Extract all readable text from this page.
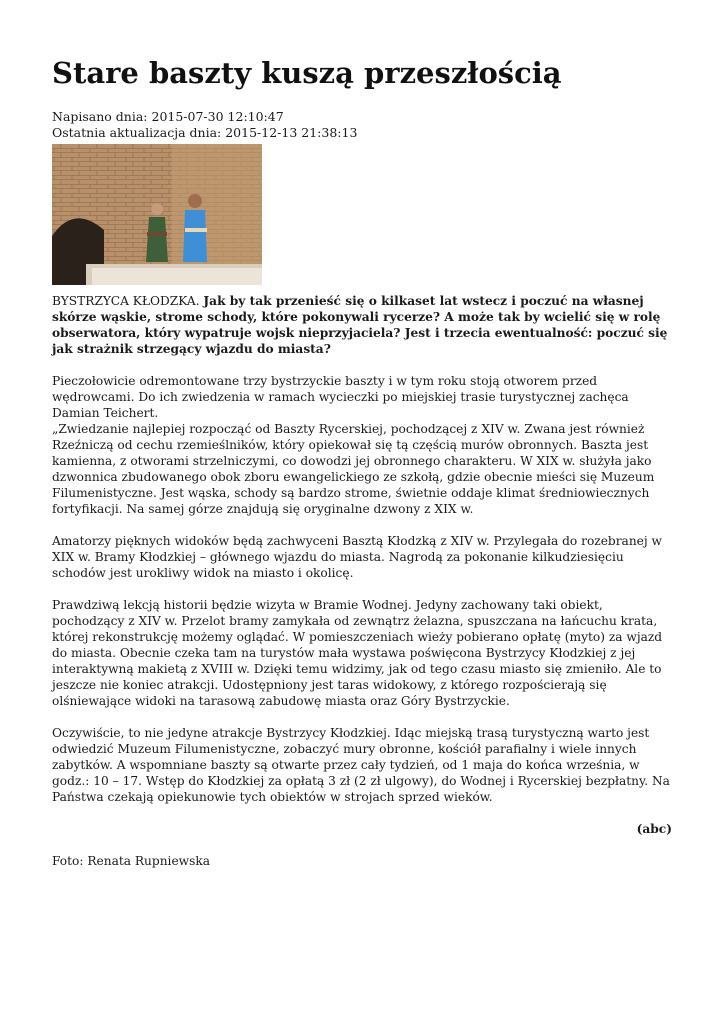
Stare baszty kuszą przeszłością
Napisano dnia: 2015-07-30 12:10:47
Ostatnia aktualizacja dnia: 2015-12-13 21:38:13

BYSTRZYCA KŁODZKA. Jak by tak przenieść się o kilkaset lat wstecz i poczuć na własnej skórze wąskie, strome schody, które pokonywali rycerze? A może tak by wcielić się w rolę obserwatora, który wypatruje wojsk nieprzyjaciela? Jest i trzecia ewentualność: poczuć się jak strażnik strzegący wjazdu do miasta?

Pieczołowicie odremontowane trzy bystrzyckie baszty i w tym roku stoją otworem przed wędrowcami. Do ich zwiedzenia w ramach wycieczki po miejskiej trasie turystycznej zachęca Damian Teichert.
„Zwiedzanie najlepiej rozpocząć od Baszty Rycerskiej, pochodzącej z XIV w. Zwana jest również Rzeźniczą od cechu rzemieślników, który opiekował się tą częścią murów obronnych. Baszta jest kamienna, z otworami strzelniczymi, co dowodzi jej obronnego charakteru. W XIX w. służyła jako dzwonnica zbudowanego obok zboru ewangelickiego ze szkołą, gdzie obecnie mieści się Muzeum Filumenistyczne. Jest wąska, schody są bardzo strome, świetnie oddaje klimat średniowiecznych fortyfikacji. Na samej górze znajdują się oryginalne dzwony z XIX w.

Amatorzy pięknych widoków będą zachwyceni Basztą Kłodzką z XIV w. Przylegała do rozebranej w XIX w. Bramy Kłodzkiej – głównego wjazdu do miasta. Nagrodą za pokonanie kilkudziesięciu schodów jest urokliwy widok na miasto i okolicę.

Prawdziwą lekcją historii będzie wizyta w Bramie Wodnej. Jedyny zachowany taki obiekt, pochodzący z XIV w. Przelot bramy zamykała od zewnątrz żelazna, spuszczana na łańcuchu krata, której rekonstrukcję możemy oglądać. W pomieszczeniach wieży pobierano opłatę (myto) za wjazd do miasta. Obecnie czeka tam na turystów mała wystawa poświęcona Bystrzycy Kłodzkiej z jej interaktywną makietą z XVIII w. Dzięki temu widzimy, jak od tego czasu miasto się zmieniło. Ale to jeszcze nie koniec atrakcji. Udostępniony jest taras widokowy, z którego rozpościerają się olśniewające widoki na tarasową zabudowę miasta oraz Góry Bystrzyckie.

Oczywiście, to nie jedyne atrakcje Bystrzycy Kłodzkiej. Idąc miejską trasą turystyczną warto jest odwiedzić Muzeum Filumenistyczne, zobaczyć mury obronne, kościół parafialny i wiele innych zabytków. A wspomniane baszty są otwarte przez cały tydzień, od 1 maja do końca września, w godz.: 10 – 17. Wstęp do Kłodzkiej za opłatą 3 zł (2 zł ulgowy), do Wodnej i Rycerskiej bezpłatny. Na Państwa czekają opiekunowie tych obiektów w strojach sprzed wieków.

(abc)

Foto: Renata Rupniewska
